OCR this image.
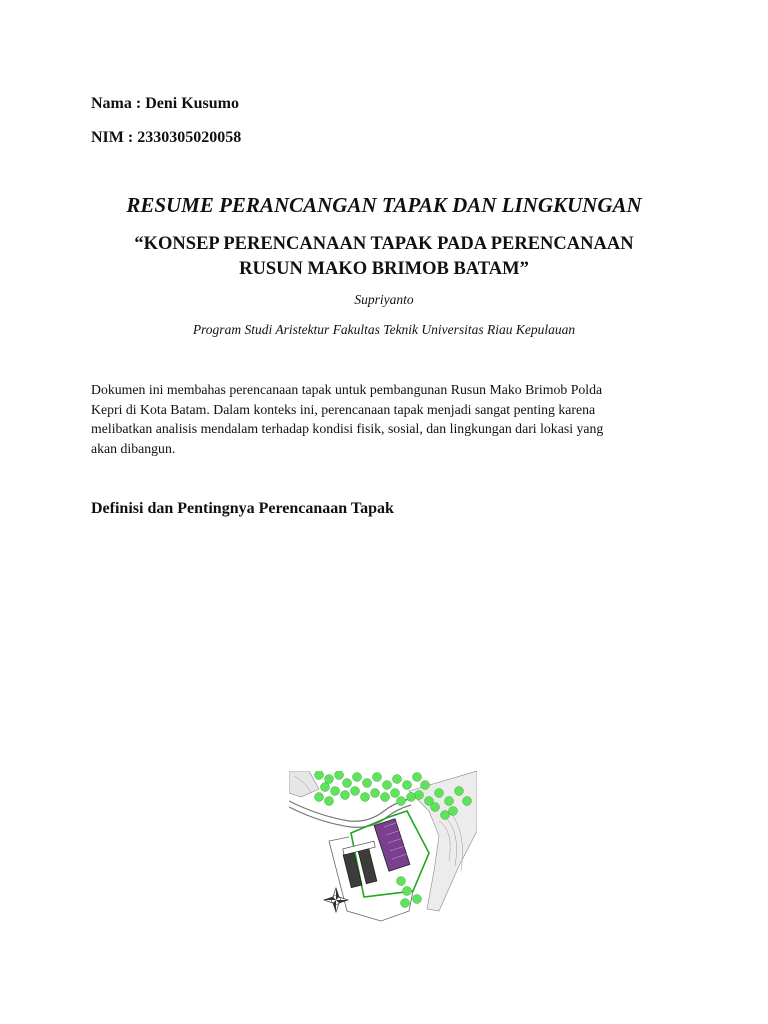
Nama : Deni Kusumo

NIM : 2330305020058

RESUME PERANCANGAN TAPAK DAN LINGKUNGAN
“KONSEP PERENCANAAN TAPAK PADA PERENCANAAN
RUSUN MAKO BRIMOB BATAM”

Supriyanto

Program Studi Aristektur Fakultas Teknik Universitas Riau Kepulauan

Dokumen ini membahas perencanaan tapak untuk pembangunan Rusun Mako Brimob Polda
Kepri di Kota Batam. Dalam konteks ini, perencanaan tapak menjadi sangat penting karena
melibatkan analisis mendalam terhadap kondisi fisik, sosial, dan lingkungan dari lokasi yang
akan dibangun.
Definisi dan Pentingnya Perencanaan Tapak
